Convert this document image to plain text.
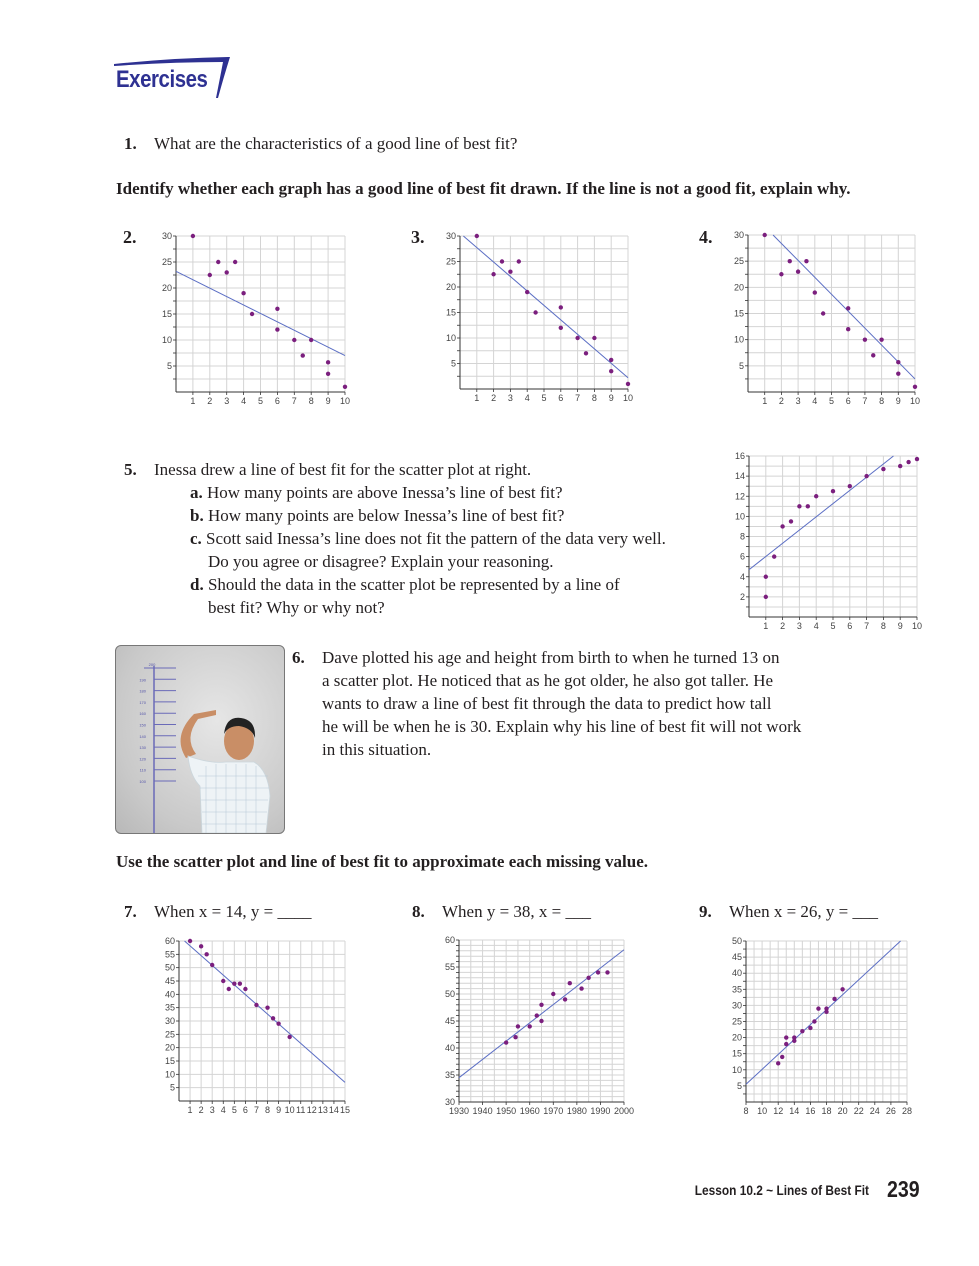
Exercises
1. What are the characteristics of a good line of best fit?
Identify whether each graph has a good line of best fit drawn. If the line is not a good fit, explain why.
2.	3.	4.
1 2 3 4 5 6 7 8 9 10
5
10
15
20
25
30
1 2 3 4 5 6 7 8 9 10
5
10
15
20
25
30
1 2 3 4 5 6 7 8 9 10
5
10
15
20
25
30
1 2 3 4 5 6 7 8 9 10
2
4
6
8
10
12
14
16
5. Inessa drew a line of best fit for the scatter plot at right.
a. How many points are above Inessa’s line of best fit?
b. How many points are below Inessa’s line of best fit?
c. Scott said Inessa’s line does not fit the pattern of the data very well.
Do you agree or disagree? Explain your reasoning.
d. Should the data in the scatter plot be represented by a line of
best fit? Why or why not?
200
190
180
170
160
150
140
130
120
110
100
6.	Dave plotted his age and height from birth to when he turned 13 on
a scatter plot. He noticed that as he got older, he also got taller. He
wants to draw a line of best fit through the data to predict how tall
he will be when he is 30. Explain why his line of best fit will not work
in this situation.
Use the scatter plot and line of best fit to approximate each missing value.
7. When x = 14, y = ____	8. When y = 38, x = ___	9. When x = 26, y = ___
1 2 3 4 5 6 7 8 9 10 11 12 13 14 15
5
10
15
20
25
30
35
40
45
50
55
60
1930 1940 1950 1960 1970 1980 1990 2000
30
35
40
45
50
55
60
8 10 12 14 16 18 20 22 24 26 28
5
10
15
20
25
30
35
40
45
50
Lesson 10.2 ~ Lines of Best Fit 239
